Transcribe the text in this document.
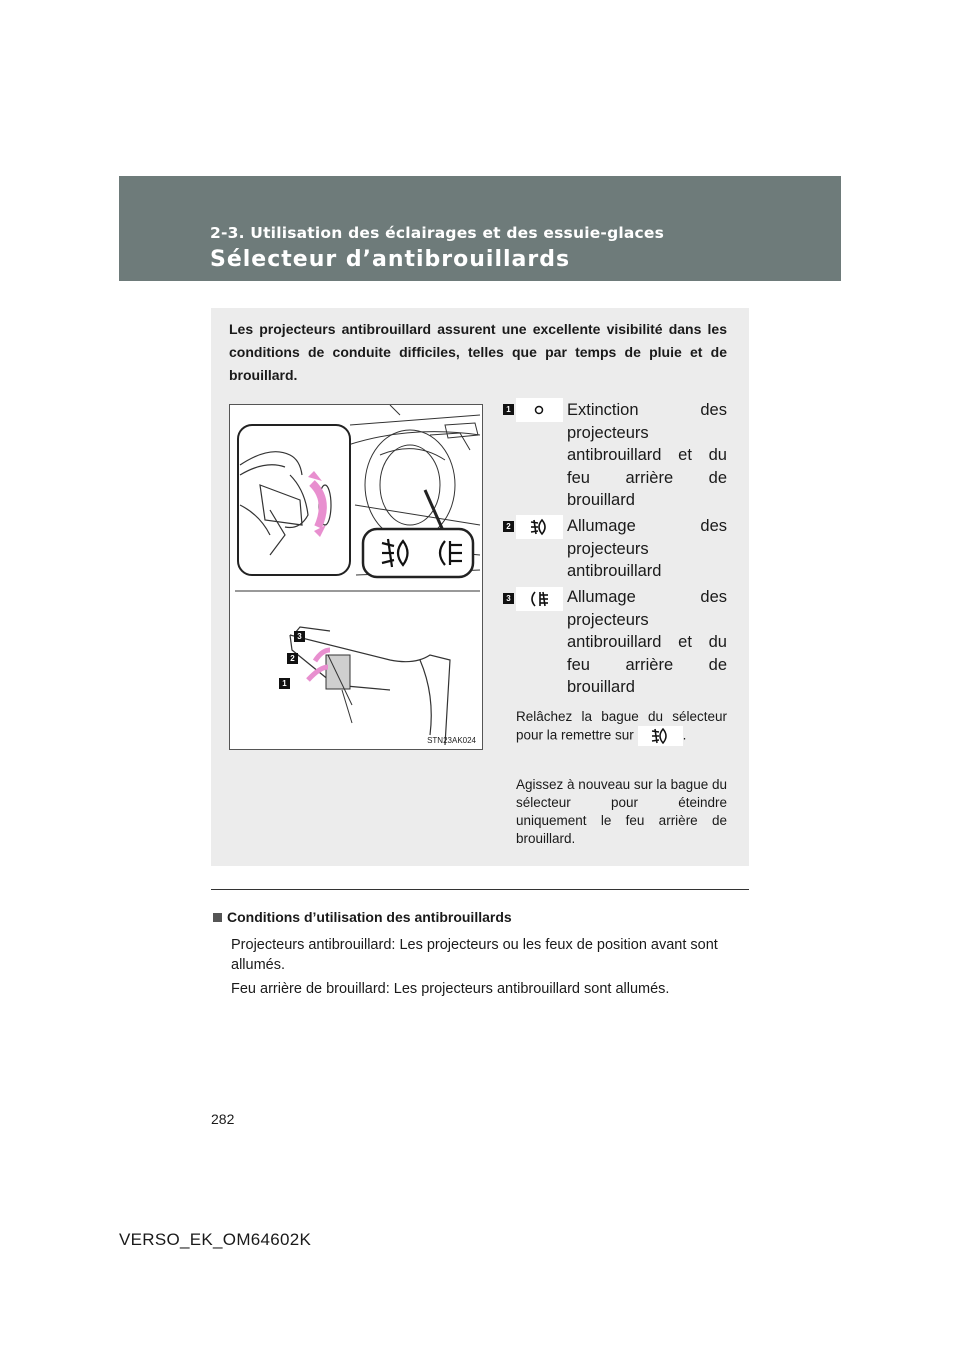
2-3. Utilisation des éclairages et des essuie-glaces
Sélecteur d’antibrouillards
Les projecteurs antibrouillard assurent une excellente visibilité dans les conditions de conduite difficiles, telles que par temps de pluie et de brouillard.
3
2
1
STN23AK024
1	Extinction des projecteurs antibrouillard et du feu arrière de brouillard
2	Allumage des projecteurs antibrouillard
3	Allumage des projecteurs antibrouillard et du feu arrière de brouillard
Relâchez la bague du sélecteur pour la remettre sur	.
Agissez à nouveau sur la bague du sélecteur pour éteindre uniquement le feu arrière de brouillard.
Conditions d’utilisation des antibrouillards
Projecteurs antibrouillard: Les projecteurs ou les feux de position avant sont allumés.
Feu arrière de brouillard: Les projecteurs antibrouillard sont allumés.
282
VERSO_EK_OM64602K
